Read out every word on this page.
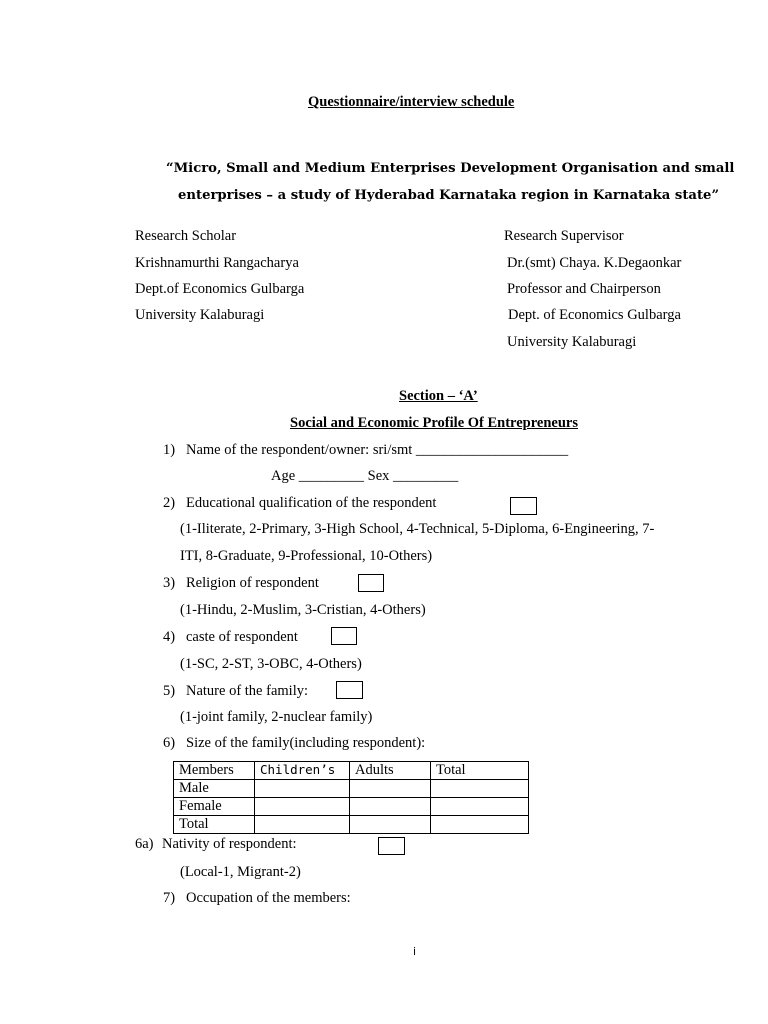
Questionnaire/interview schedule
“Micro, Small and Medium Enterprises Development Organisation and small
enterprises – a study of Hyderabad Karnataka region in Karnataka state”
Research Scholar
Krishnamurthi Rangacharya
Dept.of Economics Gulbarga
University Kalaburagi
Research Supervisor
Dr.(smt) Chaya. K.Degaonkar
Professor and Chairperson
Dept. of Economics Gulbarga
University Kalaburagi
Section – ‘A’
Social and Economic Profile Of Entrepreneurs
1) Name of the respondent/owner: sri/smt _____________________
Age _________ Sex _________
2) Educational qualification of the respondent
(1-Iliterate, 2-Primary, 3-High School, 4-Technical, 5-Diploma, 6-Engineering, 7-
ITI, 8-Graduate, 9-Professional, 10-Others)
3) Religion of respondent
(1-Hindu, 2-Muslim, 3-Cristian, 4-Others)
4) caste of respondent
(1-SC, 2-ST, 3-OBC, 4-Others)
5) Nature of the family:
(1-joint family, 2-nuclear family)
6) Size of the family(including respondent):
Members	Children’s	Adults	Total
Male			
Female			
Total			
6a) Nativity of respondent:
(Local-1, Migrant-2)
7) Occupation of the members:
i
